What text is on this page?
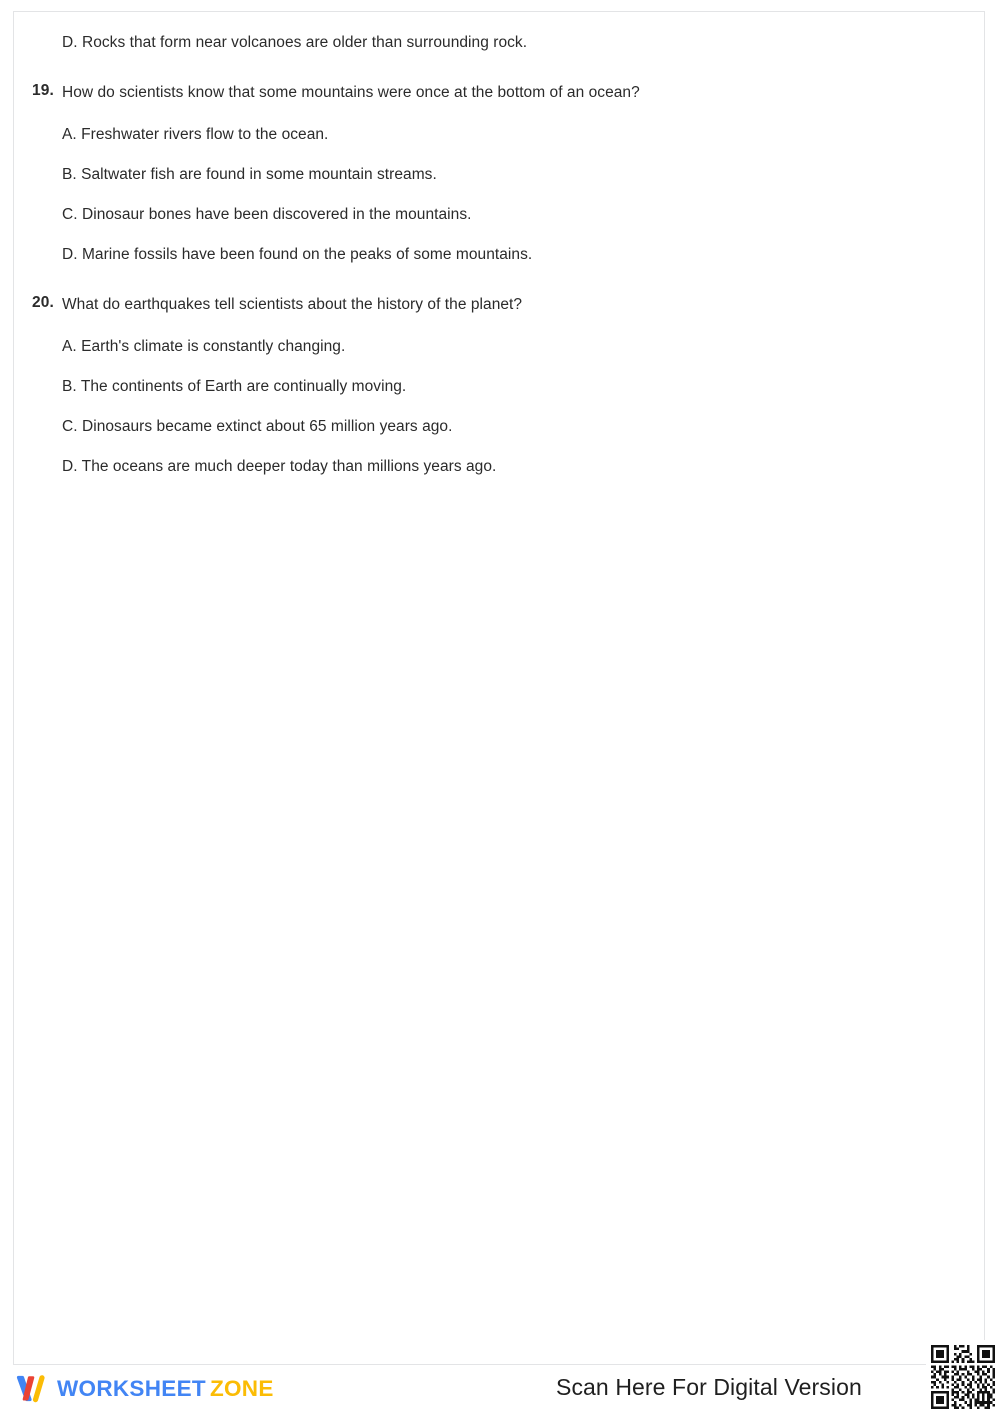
D. Rocks that form near volcanoes are older than surrounding rock.
19. How do scientists know that some mountains were once at the bottom of an ocean?
A. Freshwater rivers flow to the ocean.
B. Saltwater fish are found in some mountain streams.
C. Dinosaur bones have been discovered in the mountains.
D. Marine fossils have been found on the peaks of some mountains.
20. What do earthquakes tell scientists about the history of the planet?
A. Earth's climate is constantly changing.
B. The continents of Earth are continually moving.
C. Dinosaurs became extinct about 65 million years ago.
D. The oceans are much deeper today than millions years ago.
WORKSHEET ZONE	Scan Here For Digital Version
